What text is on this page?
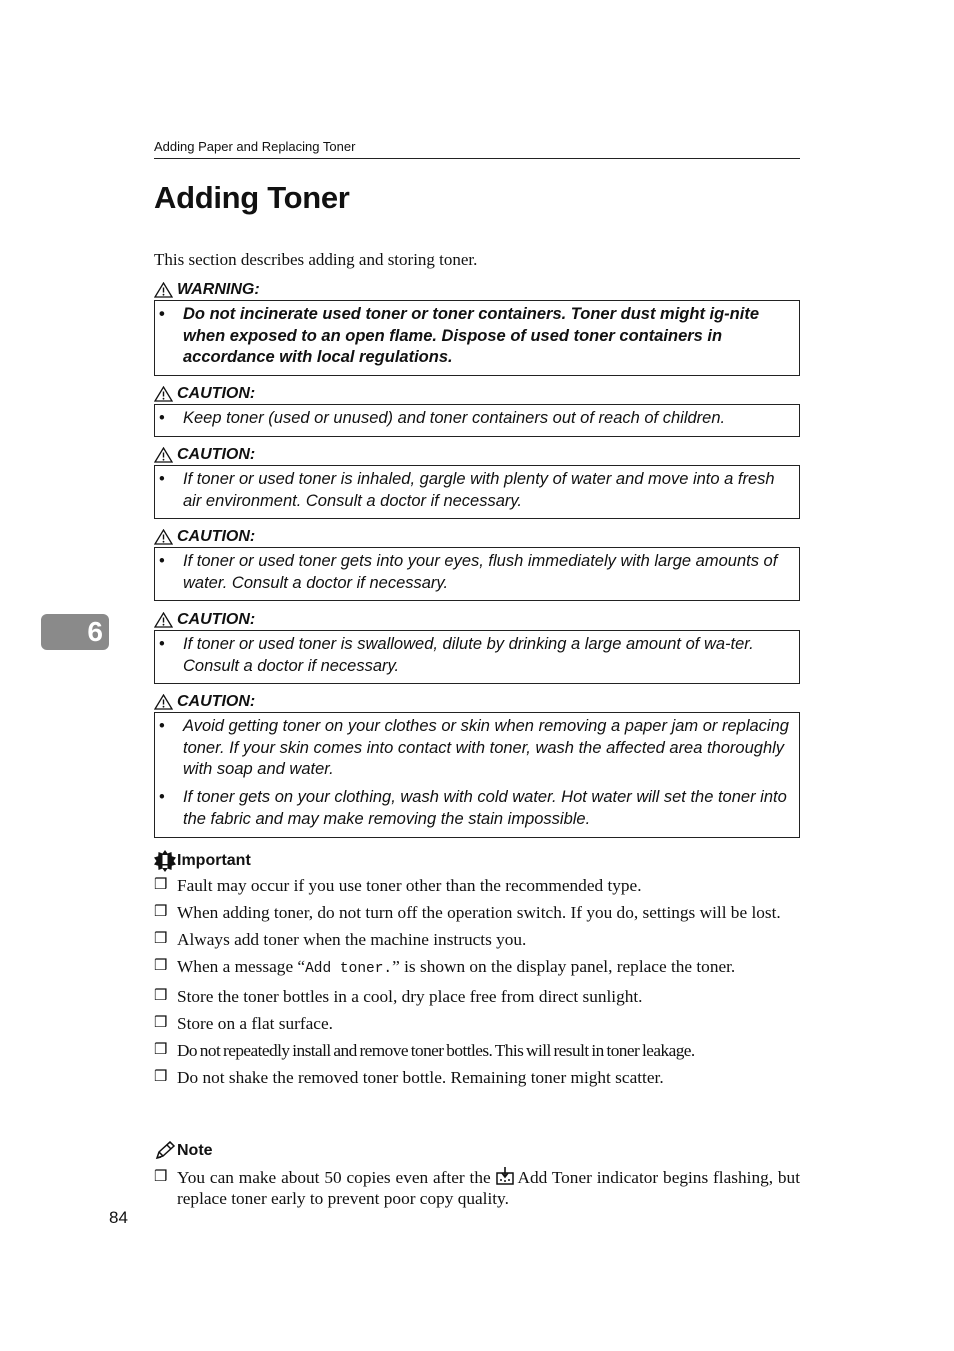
Adding Paper and Replacing Toner
Adding Toner
This section describes adding and storing toner.
WARNING:
•	Do not incinerate used toner or toner containers. Toner dust might ig-nite when exposed to an open flame. Dispose of used toner containers in accordance with local regulations.
CAUTION:
•	Keep toner (used or unused) and toner containers out of reach of children.
CAUTION:
•	If toner or used toner is inhaled, gargle with plenty of water and move into a fresh air environment. Consult a doctor if necessary.
CAUTION:
•	If toner or used toner gets into your eyes, flush immediately with large amounts of water. Consult a doctor if necessary.
6	CAUTION:
•	If toner or used toner is swallowed, dilute by drinking a large amount of wa-ter. Consult a doctor if necessary.
CAUTION:
•	Avoid getting toner on your clothes or skin when removing a paper jam or replacing toner. If your skin comes into contact with toner, wash the affected area thoroughly with soap and water.
•	If toner gets on your clothing, wash with cold water. Hot water will set the toner into the fabric and may make removing the stain impossible.
Important
❒ Fault may occur if you use toner other than the recommended type.
❒ When adding toner, do not turn off the operation switch. If you do, settings will be lost.
❒ Always add toner when the machine instructs you.
❒ When a message “Add toner.” is shown on the display panel, replace the toner.
❒ Store the toner bottles in a cool, dry place free from direct sunlight.
❒ Store on a flat surface.
❒ Do not repeatedly install and remove toner bottles. This will result in toner leakage.
❒ Do not shake the removed toner bottle. Remaining toner might scatter.
Note
❒ You can make about 50 copies even after the  Add Toner indicator begins flashing, but replace toner early to prevent poor copy quality.
84
